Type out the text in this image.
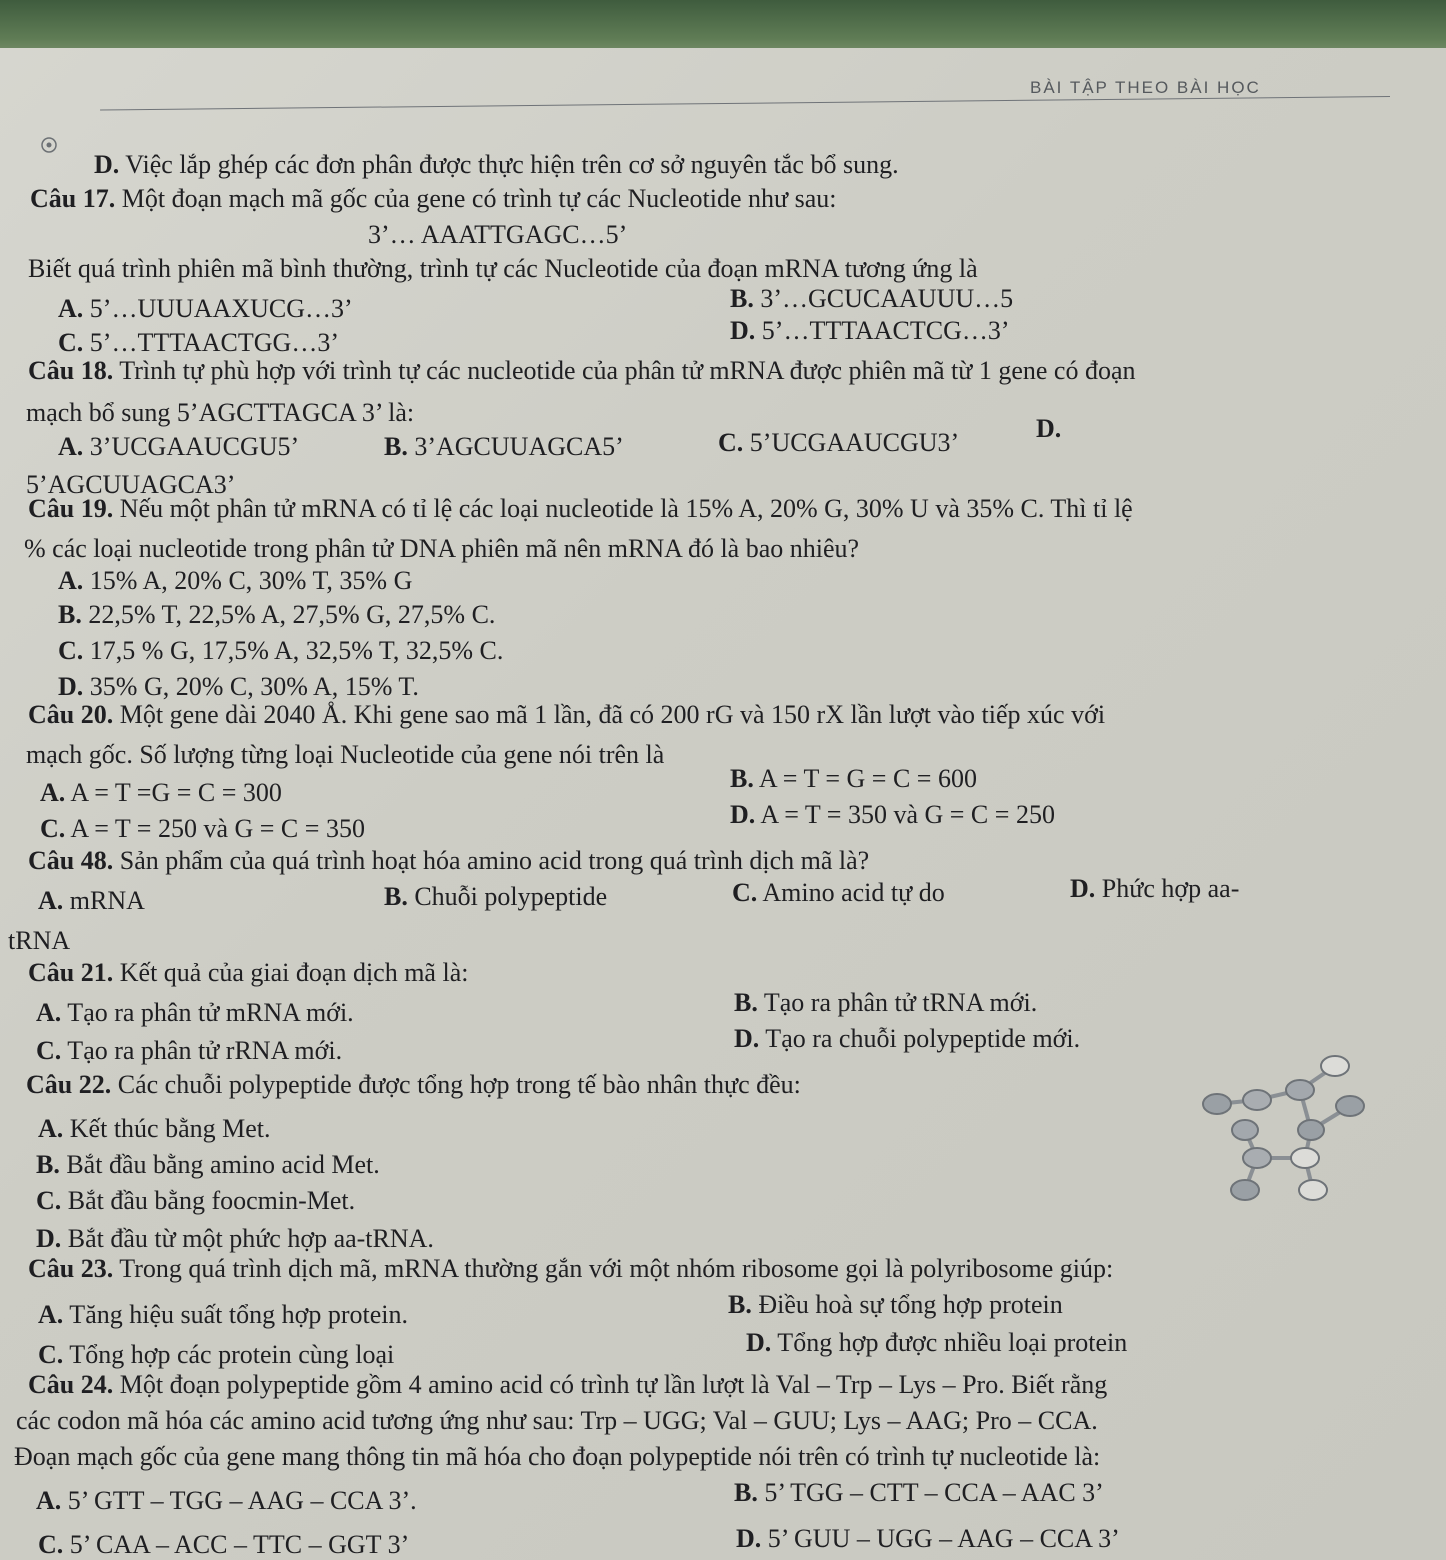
BÀI TẬP THEO BÀI HỌC
D. Việc lắp ghép các đơn phân được thực hiện trên cơ sở nguyên tắc bổ sung.
Câu 17. Một đoạn mạch mã gốc của gene có trình tự các Nucleotide như sau:
3’… AAATTGAGC…5’
Biết quá trình phiên mã bình thường, trình tự các Nucleotide của đoạn mRNA tương ứng là
A. 5’…UUUAAXUCG…3’	B. 3’…GCUCAAUUU…5
C. 5’…TTTAACTGG…3’	D. 5’…TTTAACTCG…3’
Câu 18. Trình tự phù hợp với trình tự các nucleotide của phân tử mRNA được phiên mã từ 1 gene có đoạn
mạch bổ sung 5’AGCTTAGCA 3’ là:
A. 3’UCGAAUCGU5’	B. 3’AGCUUAGCA5’	C. 5’UCGAAUCGU3’	D.
5’AGCUUAGCA3’
Câu 19. Nếu một phân tử mRNA có tỉ lệ các loại nucleotide là 15% A, 20% G, 30% U và 35% C. Thì tỉ lệ
% các loại nucleotide trong phân tử DNA phiên mã nên mRNA đó là bao nhiêu?
A. 15% A, 20% C, 30% T, 35% G
B. 22,5% T, 22,5% A, 27,5% G, 27,5% C.
C. 17,5 % G, 17,5% A, 32,5% T, 32,5% C.
D. 35% G, 20% C, 30% A, 15% T.
Câu 20. Một gene dài 2040 Å. Khi gene sao mã 1 lần, đã có 200 rG và 150 rX lần lượt vào tiếp xúc với
mạch gốc. Số lượng từng loại Nucleotide của gene nói trên là
A. A = T =G = C = 300	B. A = T = G = C = 600
C. A = T = 250 và G = C = 350	D. A = T = 350 và G = C = 250
Câu 48. Sản phẩm của quá trình hoạt hóa amino acid trong quá trình dịch mã là?
A. mRNA	B. Chuỗi polypeptide	C. Amino acid tự do	D. Phức hợp aa-
tRNA
Câu 21. Kết quả của giai đoạn dịch mã là:
A. Tạo ra phân tử mRNA mới.	B. Tạo ra phân tử tRNA mới.
C. Tạo ra phân tử rRNA mới.	D. Tạo ra chuỗi polypeptide mới.
Câu 22. Các chuỗi polypeptide được tổng hợp trong tế bào nhân thực đều:
A. Kết thúc bằng Met.
B. Bắt đầu bằng amino acid Met.
C. Bắt đầu bằng foocmin-Met.
D. Bắt đầu từ một phức hợp aa-tRNA.
Câu 23. Trong quá trình dịch mã, mRNA thường gắn với một nhóm ribosome gọi là polyribosome giúp:
A. Tăng hiệu suất tổng hợp protein.	B. Điều hoà sự tổng hợp protein
C. Tổng hợp các protein cùng loại	D. Tổng hợp được nhiều loại protein
Câu 24. Một đoạn polypeptide gồm 4 amino acid có trình tự lần lượt là Val – Trp – Lys – Pro. Biết rằng
các codon mã hóa các amino acid tương ứng như sau: Trp – UGG; Val – GUU; Lys – AAG; Pro – CCA.
Đoạn mạch gốc của gene mang thông tin mã hóa cho đoạn polypeptide nói trên có trình tự nucleotide là:
A. 5’ GTT – TGG – AAG – CCA 3’.	B. 5’ TGG – CTT – CCA – AAC 3’
C. 5’ CAA – ACC – TTC – GGT 3’	D. 5’ GUU – UGG – AAG – CCA 3’
